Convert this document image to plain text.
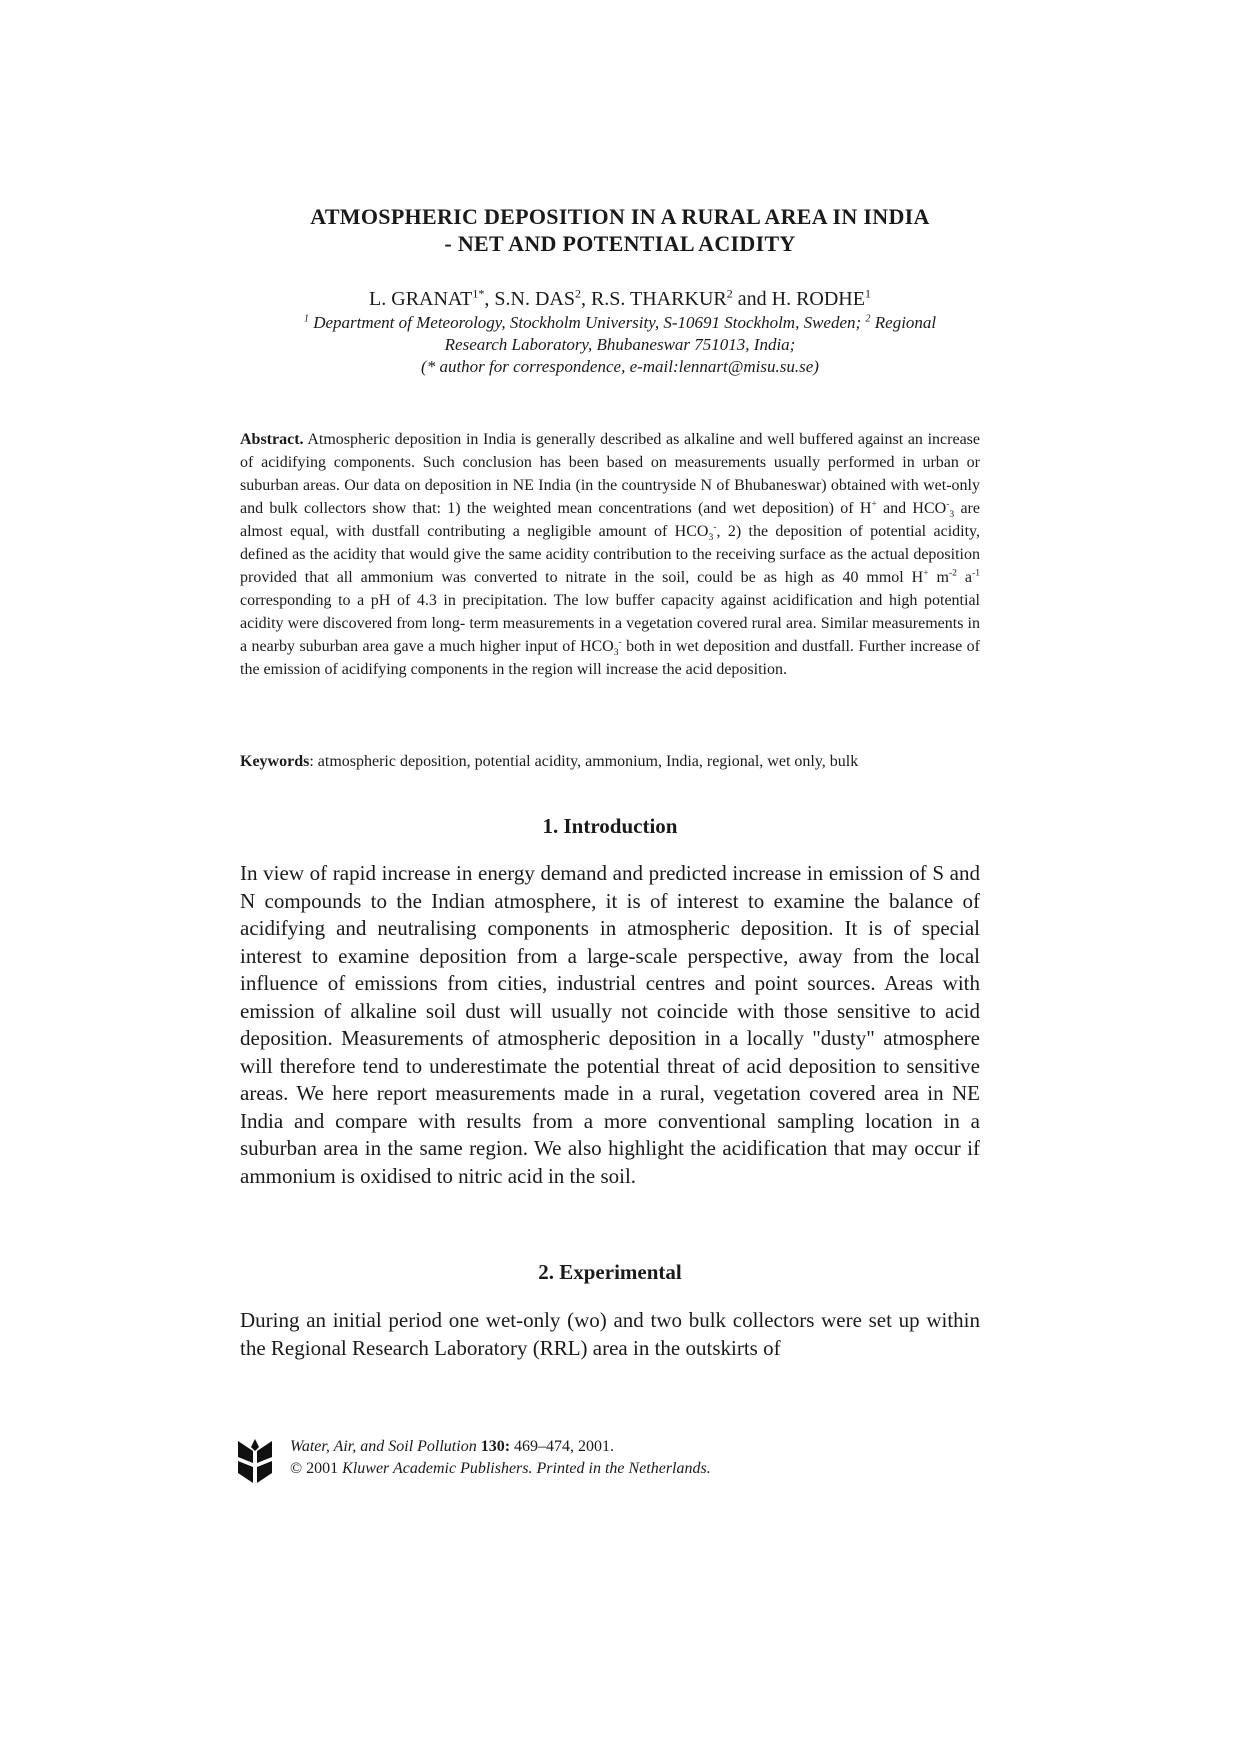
ATMOSPHERIC DEPOSITION IN A RURAL AREA IN INDIA
- NET AND POTENTIAL ACIDITY
L. $GRANAT^{1*}$, S.N. DAS$^2$, R.S. THARKUR$^2$ and H. RODHE$^1$
$^1$ Department of Meteorology, Stockholm University, S-10691 Stockholm, Sweden; $^2$ Regional
Research Laboratory, Bhubaneswar 751013, India;
(* author for correspondence, e-mail:lennart@misu.su.se)

Abstract. Atmospheric deposition in India is generally described as alkaline and well buffered against an increase of acidifying components. Such conclusion has been based on measurements usually performed in urban or suburban areas. Our data on deposition in NE India (in the countryside N of Bhubaneswar) obtained with wet-only and bulk collectors show that: 1) the weighted mean concentrations (and wet deposition) of H+ and $HCO^-_3$ are almost equal, with dustfall contributing a negligible amount of $HCO_3^-$, 2) the deposition of potential acidity, defined as the acidity that would give the same acidity contribution to the receiving surface as the actual deposition provided that all ammonium was converted to nitrate in the soil, could be as high as 40 mmol H+ $m^{-2}$ $a^{-1}$ corresponding to a pH of 4.3 in precipitation. The low buffer capacity against acidification and high potential acidity were discovered from long- term measurements in a vegetation covered rural area. Similar measurements in a nearby suburban area gave a much higher input of $HCO_3^-$ both in wet deposition and dustfall. Further increase of the emission of acidifying components in the region will increase the acid deposition.

Keywords: atmospheric deposition, potential acidity, ammonium, India, regional, wet only, bulk
1. Introduction

In view of rapid increase in energy demand and predicted increase in emission of S and N compounds to the Indian atmosphere, it is of interest to examine the balance of acidifying and neutralising components in atmospheric deposition. It is of special interest to examine deposition from a large-scale perspective, away from the local influence of emissions from cities, industrial centres and point sources. Areas with emission of alkaline soil dust will usually not coincide with those sensitive to acid deposition. Measurements of atmospheric deposition in a locally "dusty" atmosphere will therefore tend to underestimate the potential threat of acid deposition to sensitive areas. We here report measurements made in a rural, vegetation covered area in NE India and compare with results from a more conventional sampling location in a suburban area in the same region. We also highlight the acidification that may occur if ammonium is oxidised to nitric acid in the soil.

2. Experimental

During an initial period one wet-only (wo) and two bulk collectors were set up within the Regional Research Laboratory (RRL) area in the outskirts of

Water, Air, and Soil Pollution 130: 469–474, 2001.
© 2001 Kluwer Academic Publishers. Printed in the Netherlands.
